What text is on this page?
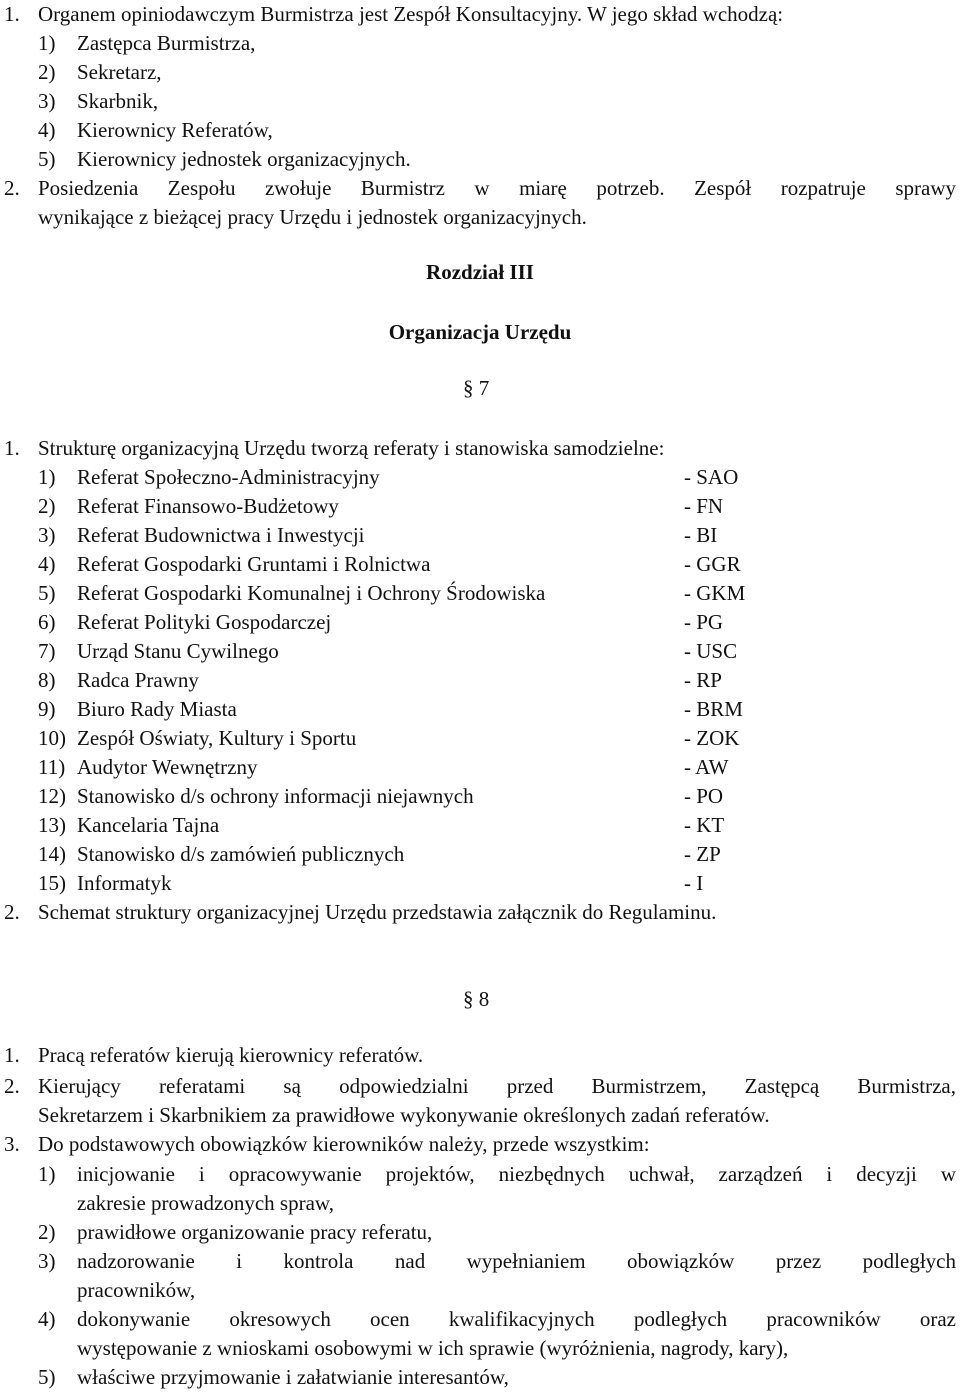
1. Organem opiniodawczym Burmistrza jest Zespół Konsultacyjny. W jego skład wchodzą:
1) Zastępca Burmistrza,
2) Sekretarz,
3) Skarbnik,
4) Kierownicy Referatów,
5) Kierownicy jednostek organizacyjnych.
2. Posiedzenia Zespołu zwołuje Burmistrz w miarę potrzeb. Zespół rozpatruje sprawy
wynikające z bieżącej pracy Urzędu i jednostek organizacyjnych.
Rozdział III
Organizacja Urzędu
§ 7
1. Strukturę organizacyjną Urzędu tworzą referaty i stanowiska samodzielne:
1) Referat Społeczno-Administracyjny	- SAO
2) Referat Finansowo-Budżetowy	- FN
3) Referat Budownictwa i Inwestycji	- BI
4) Referat Gospodarki Gruntami i Rolnictwa	- GGR
5) Referat Gospodarki Komunalnej i Ochrony Środowiska	- GKM
6) Referat Polityki Gospodarczej	- PG
7) Urząd Stanu Cywilnego	- USC
8) Radca Prawny	- RP
9) Biuro Rady Miasta	- BRM
10) Zespół Oświaty, Kultury i Sportu	- ZOK
11) Audytor Wewnętrzny	- AW
12) Stanowisko d/s ochrony informacji niejawnych	- PO
13) Kancelaria Tajna	- KT
14) Stanowisko d/s zamówień publicznych	- ZP
15) Informatyk	- I
2. Schemat struktury organizacyjnej Urzędu przedstawia załącznik do Regulaminu.
§ 8
1. Pracą referatów kierują kierownicy referatów.
2. Kierujący referatami są odpowiedzialni przed Burmistrzem, Zastępcą Burmistrza,
Sekretarzem i Skarbnikiem za prawidłowe wykonywanie określonych zadań referatów.
3. Do podstawowych obowiązków kierowników należy, przede wszystkim:
1) inicjowanie i opracowywanie projektów, niezbędnych uchwał, zarządzeń i decyzji w
zakresie prowadzonych spraw,
2) prawidłowe organizowanie pracy referatu,
3) nadzorowanie i kontrola nad wypełnianiem obowiązków przez podległych
pracowników,
4) dokonywanie okresowych ocen kwalifikacyjnych podległych pracowników oraz
występowanie z wnioskami osobowymi w ich sprawie (wyróżnienia, nagrody, kary),
5) właściwe przyjmowanie i załatwianie interesantów,
